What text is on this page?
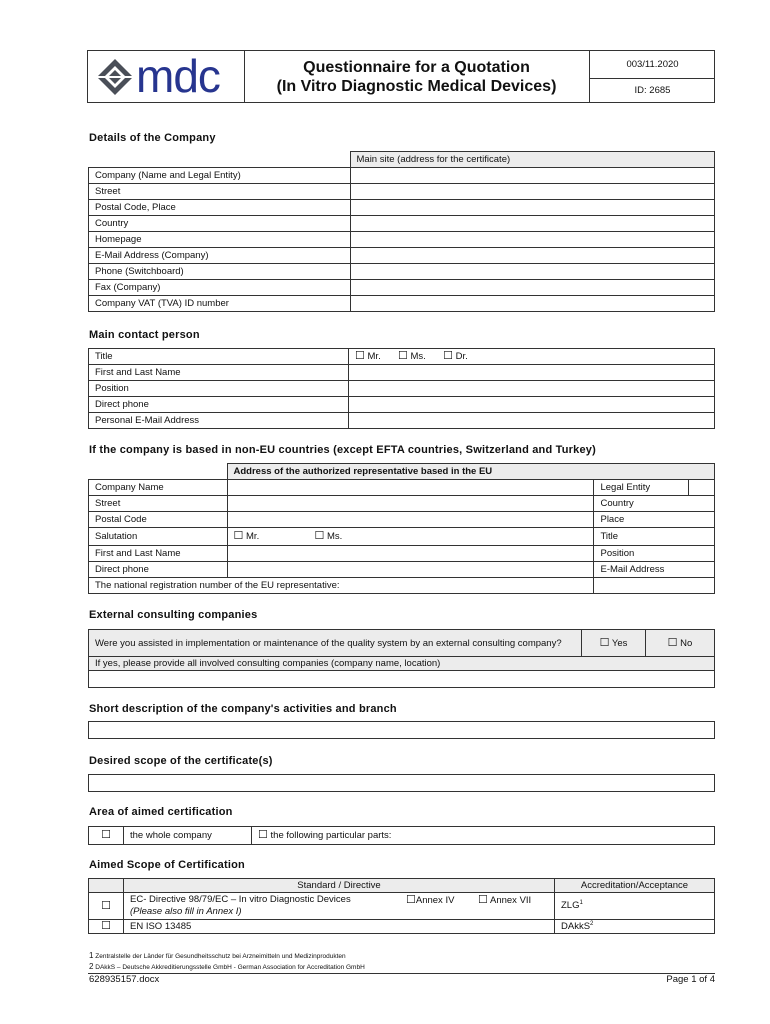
mdc	Questionnaire for a Quotation
(In Vitro Diagnostic Medical Devices)
003/11.2020
ID: 2685
Details of the Company
	Main site (address for the certificate)
Company (Name and Legal Entity)	
Street	
Postal Code, Place	
Country	
Homepage	
E-Mail Address (Company)	
Phone (Switchboard)	
Fax (Company)	
Company VAT (TVA) ID number	
Main contact person
Title	☐ Mr. ☐ Ms. ☐ Dr.
First and Last Name	
Position	
Direct phone	
Personal E-Mail Address	
If the company is based in non-EU countries (except EFTA countries, Switzerland and Turkey)
	Address of the authorized representative based in the EU		
Company Name		Legal Entity	
Street		Country	
Postal Code		Place	
Salutation	☐ Mr. ☐ Ms.	Title	
First and Last Name		Position	
Direct phone		E-Mail Address	
The national registration number of the EU representative:			
External consulting companies
Were you assisted in implementation or maintenance of the quality system by an external consulting company?	☐ Yes	☐ No
If yes, please provide all involved consulting companies (company name, location)

Short description of the company's activities and branch
Desired scope of the certificate(s)
Area of aimed certification
☐	the whole company	☐ the following particular parts:
Aimed Scope of Certification
	Standard / Directive			Accreditation/Acceptance
☐	EC- Directive 98/79/EC – In vitro Diagnostic Devices
(Please also fill in Annex I)	☐Annex IV	☐ Annex VII	ZLG$^1$
☐	EN ISO 13485			DAkkS$^2$
1 Zentralstelle der Länder für Gesundheitsschutz bei Arzneimitteln und Medizinprodukten
2 DAkkS – Deutsche Akkreditierungsstelle GmbH - German Association for Accreditation GmbH
628935157.docx	Page 1 of 4
